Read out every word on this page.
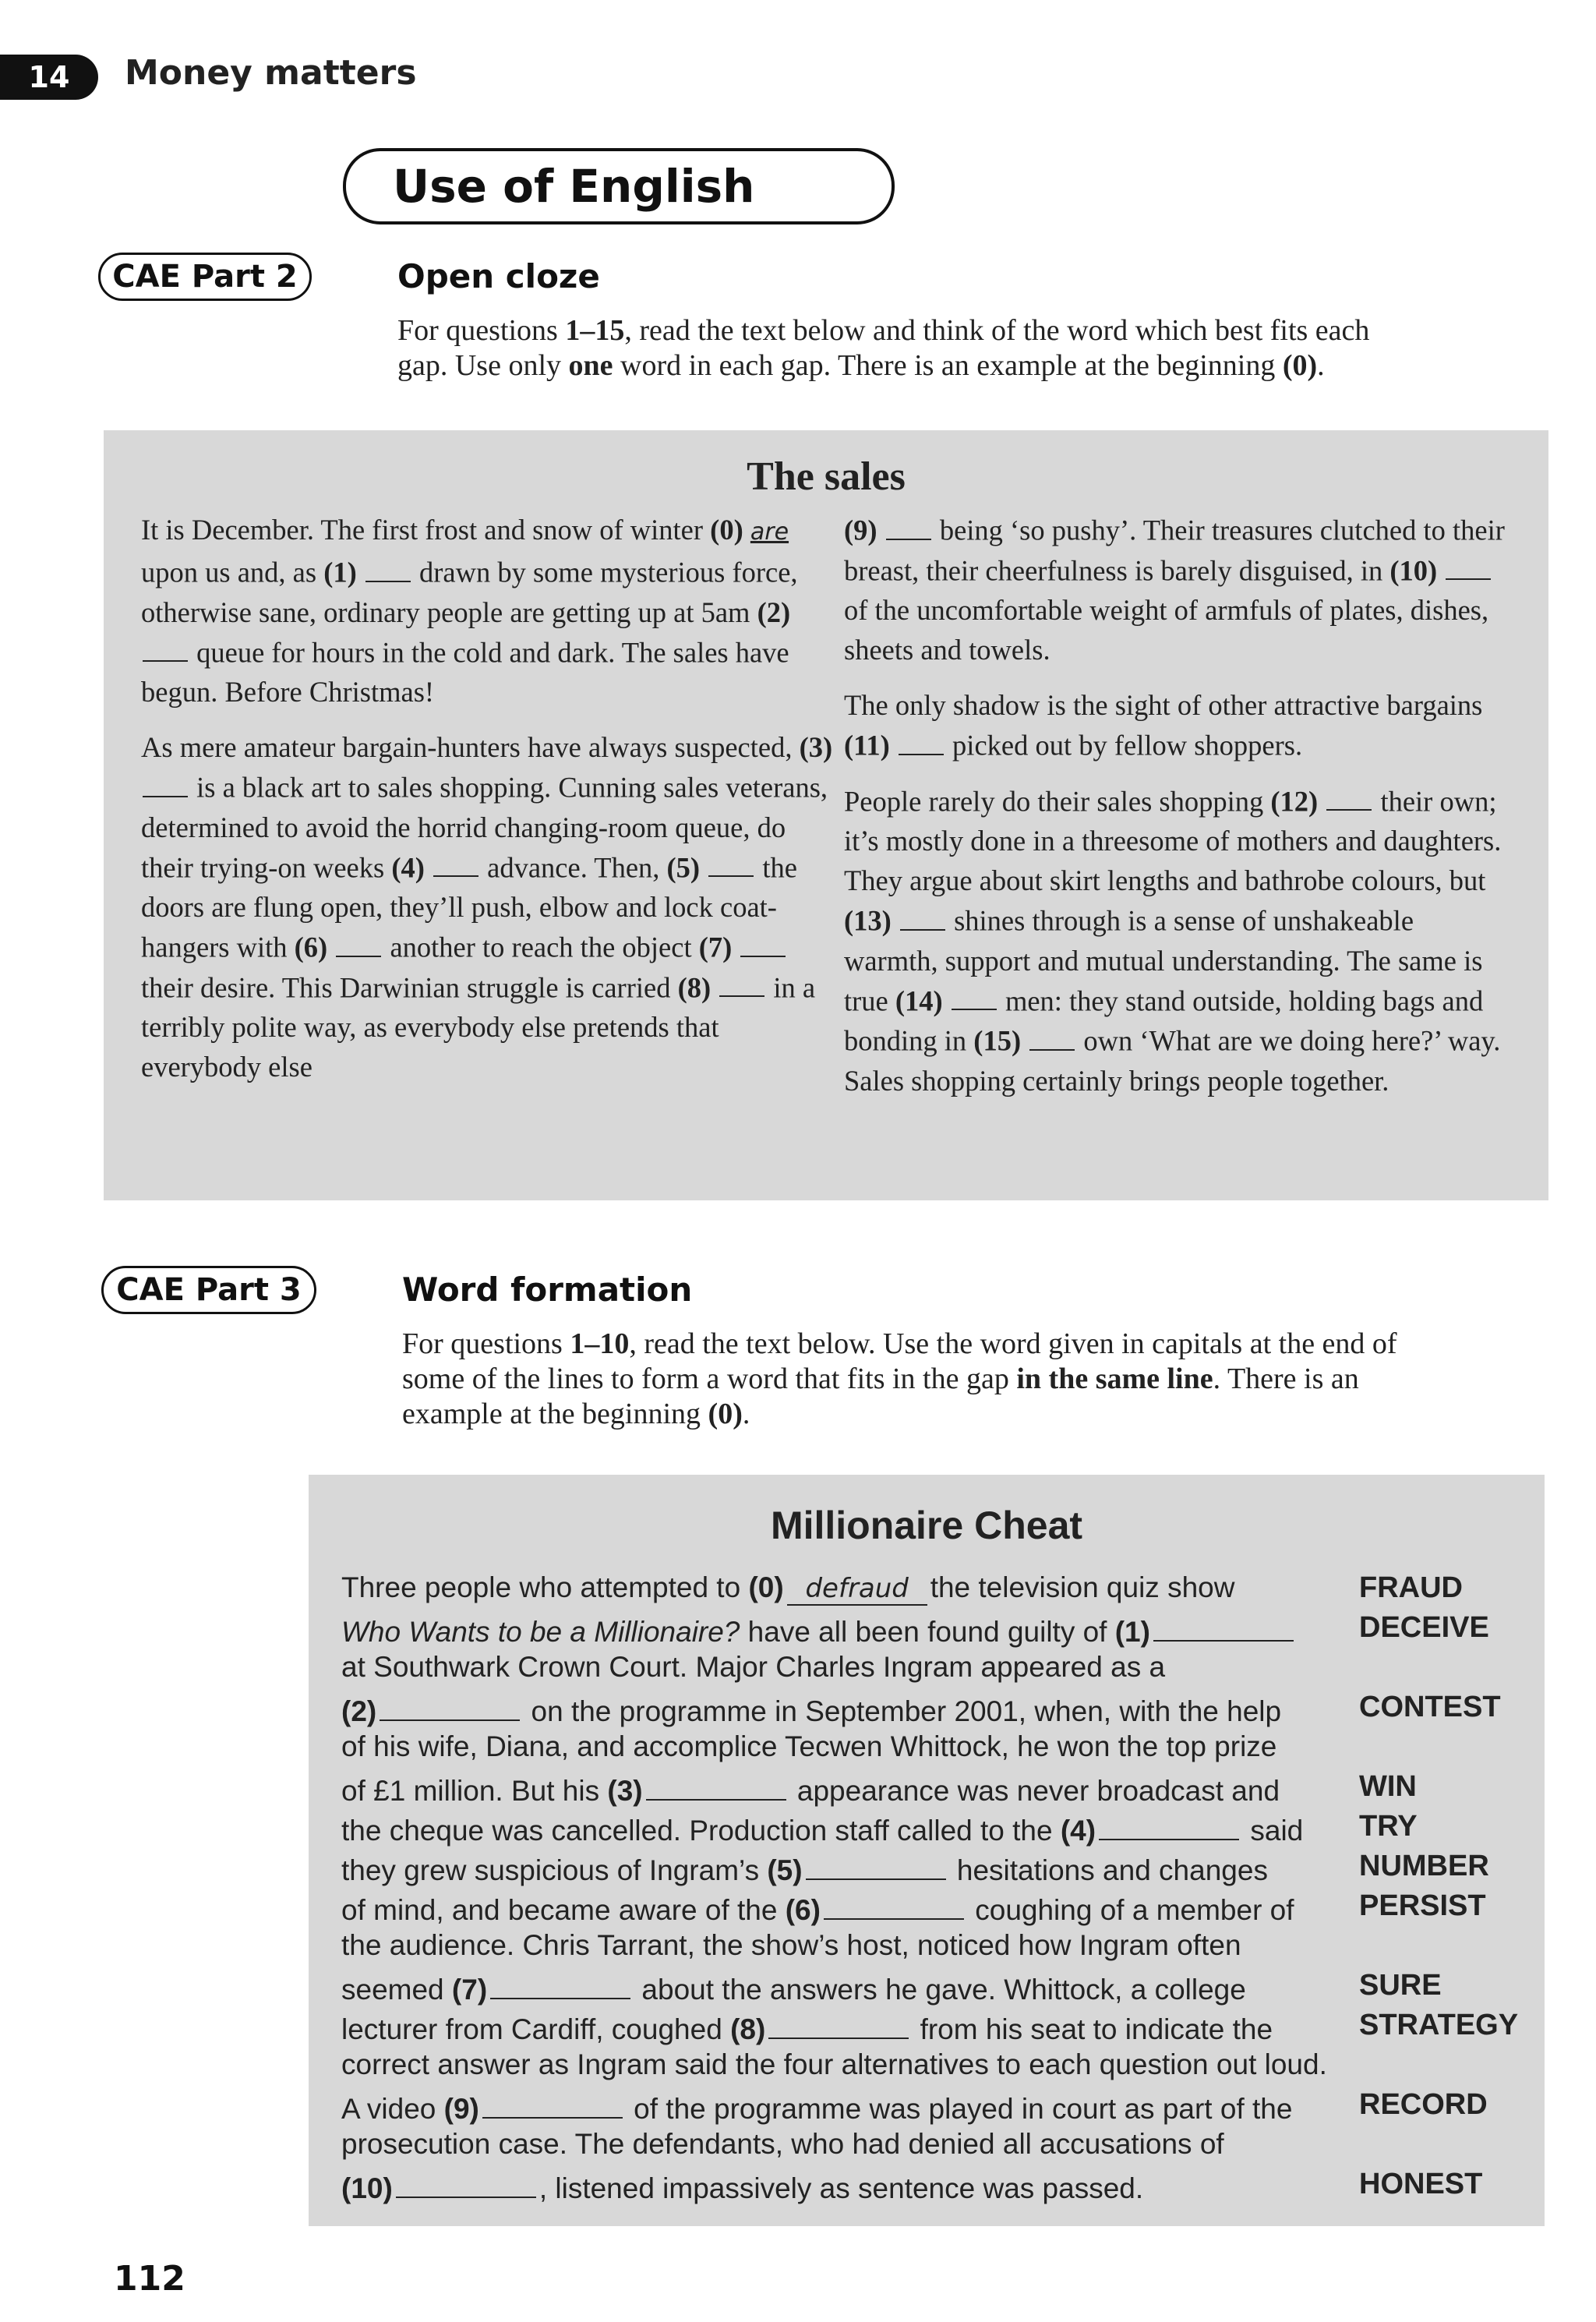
14	Money matters
Use of English
CAE Part 2	Open cloze
For questions 1–15, read the text below and think of the word which best fits each
gap. Use only one word in each gap. There is an example at the beginning (0).
The sales

It is December. The first frost and snow of winter (0) are upon us and, as (1)  drawn by some mysterious force, otherwise sane, ordinary people are getting up at 5am (2)  queue for hours in the cold and dark. The sales have begun. Before Christmas!

As mere amateur bargain-hunters have always suspected, (3)  is a black art to sales shopping. Cunning sales veterans, determined to avoid the horrid changing-room queue, do their trying-on weeks (4)  advance. Then, (5)  the doors are flung open, they’ll push, elbow and lock coat-hangers with (6)  another to reach the object (7)  their desire. This Darwinian struggle is carried (8)  in a terribly polite way, as everybody else pretends that everybody else

(9)  being ‘so pushy’. Their treasures clutched to their breast, their cheerfulness is barely disguised, in (10)  of the uncomfortable weight of armfuls of plates, dishes, sheets and towels.

The only shadow is the sight of other attractive bargains (11)  picked out by fellow shoppers.

People rarely do their sales shopping (12)  their own; it’s mostly done in a threesome of mothers and daughters. They argue about skirt lengths and bathrobe colours, but (13)  shines through is a sense of unshakeable warmth, support and mutual understanding. The same is true (14)  men: they stand outside, holding bags and bonding in (15)  own ‘What are we doing here?’ way. Sales shopping certainly brings people together.

CAE Part 3	Word formation
For questions 1–10, read the text below. Use the word given in capitals at the end of
some of the lines to form a word that fits in the gap in the same line. There is an
example at the beginning (0).
Millionaire Cheat
Three people who attempted to (0) defraud the television quiz show	FRAUD
Who Wants to be a Millionaire? have all been found guilty of (1)	DECEIVE
at Southwark Crown Court. Major Charles Ingram appeared as a
(2)	on the programme in September 2001, when, with the help	CONTEST
of his wife, Diana, and accomplice Tecwen Whittock, he won the top prize
of £1 million. But his (3)	appearance was never broadcast and	WIN
the cheque was cancelled. Production staff called to the (4)	said TRY
they grew suspicious of Ingram’s (5)	hesitations and changes	NUMBER
of mind, and became aware of the (6)	coughing of a member of PERSIST
the audience. Chris Tarrant, the show’s host, noticed how Ingram often
seemed (7)	about the answers he gave. Whittock, a college	SURE
lecturer from Cardiff, coughed (8)	from his seat to indicate the	STRATEGY
correct answer as Ingram said the four alternatives to each question out loud.
A video (9)	of the programme was played in court as part of the RECORD
prosecution case. The defendants, who had denied all accusations of
(10)	, listened impassively as sentence was passed.	HONEST
112
